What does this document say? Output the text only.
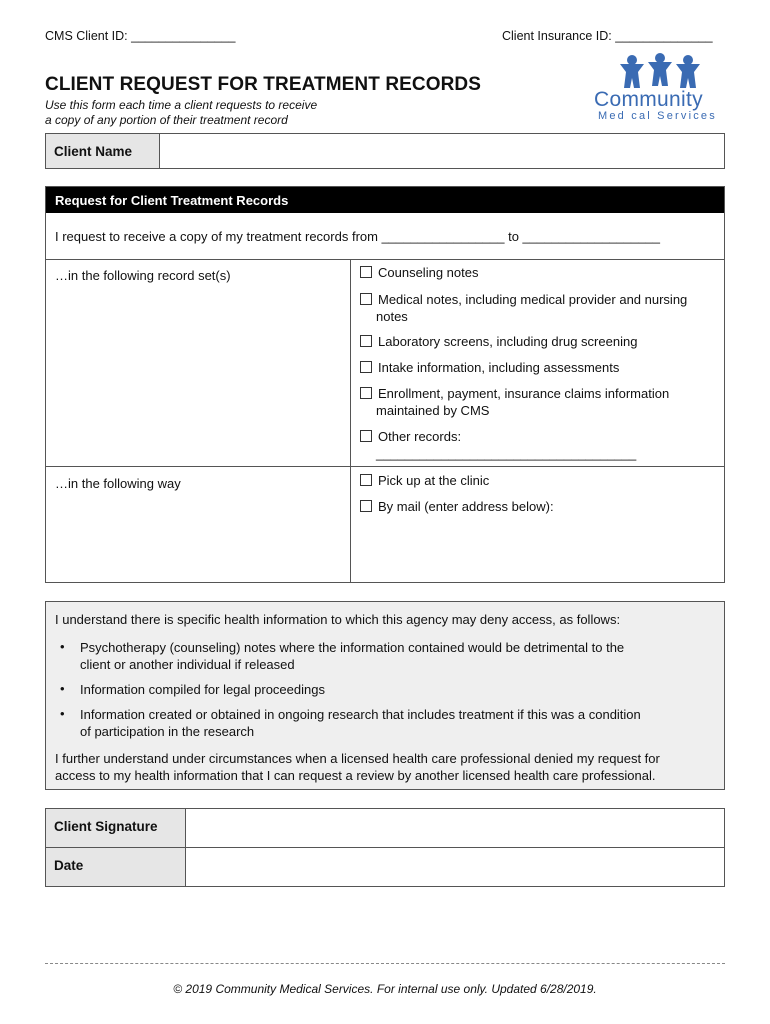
CMS Client ID: _______________	Client Insurance ID: ______________
CLIENT REQUEST FOR TREATMENT RECORDS
Use this form each time a client requests to receive
a copy of any portion of their treatment record
Community
Med cal Services
Client Name
Request for Client Treatment Records
I request to receive a copy of my treatment records from _________________ to ___________________
…in the following record set(s)	Counseling notes
Medical notes, including medical provider and nursing
notes
Laboratory screens, including drug screening
Intake information, including assessments
Enrollment, payment, insurance claims information
maintained by CMS
Other records:
____________________________________
…in the following way	Pick up at the clinic
By mail (enter address below):
I understand there is specific health information to which this agency may deny access, as follows:
• Psychotherapy (counseling) notes where the information contained would be detrimental to the
client or another individual if released
• Information compiled for legal proceedings
• Information created or obtained in ongoing research that includes treatment if this was a condition
of participation in the research
I further understand under circumstances when a licensed health care professional denied my request for
access to my health information that I can request a review by another licensed health care professional.
Client Signature
Date
© 2019 Community Medical Services. For internal use only. Updated 6/28/2019.
